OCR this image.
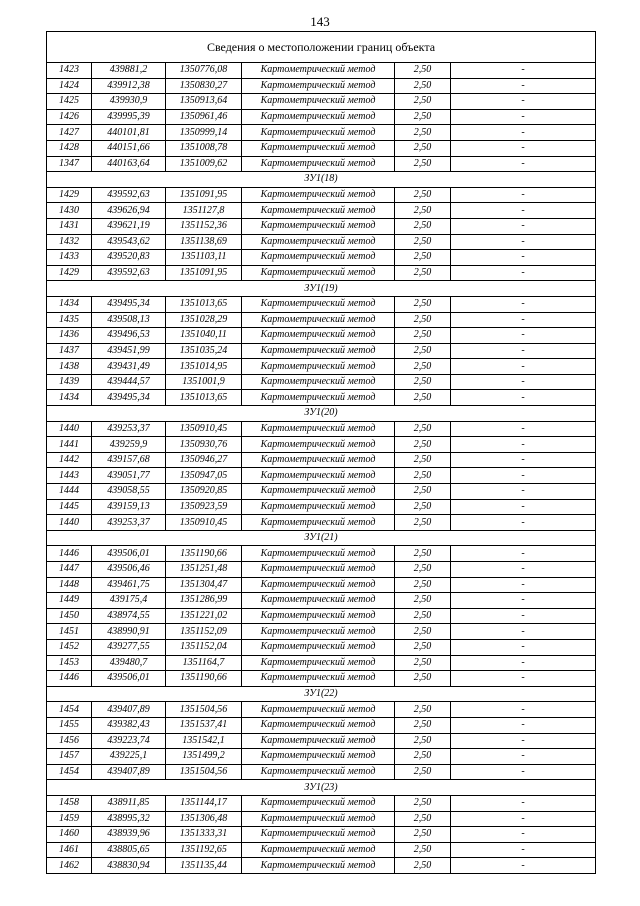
143
Сведения о местоположении границ объекта					
1423	439881,2	1350776,08	Картометрический метод	2,50	-
1424	439912,38	1350830,27	Картометрический метод	2,50	-
1425	439930,9	1350913,64	Картометрический метод	2,50	-
1426	439995,39	1350961,46	Картометрический метод	2,50	-
1427	440101,81	1350999,14	Картометрический метод	2,50	-
1428	440151,66	1351008,78	Картометрический метод	2,50	-
1347	440163,64	1351009,62	Картометрический метод	2,50	-
ЗУ1(18)					
1429	439592,63	1351091,95	Картометрический метод	2,50	-
1430	439626,94	1351127,8	Картометрический метод	2,50	-
1431	439621,19	1351152,36	Картометрический метод	2,50	-
1432	439543,62	1351138,69	Картометрический метод	2,50	-
1433	439520,83	1351103,11	Картометрический метод	2,50	-
1429	439592,63	1351091,95	Картометрический метод	2,50	-
ЗУ1(19)					
1434	439495,34	1351013,65	Картометрический метод	2,50	-
1435	439508,13	1351028,29	Картометрический метод	2,50	-
1436	439496,53	1351040,11	Картометрический метод	2,50	-
1437	439451,99	1351035,24	Картометрический метод	2,50	-
1438	439431,49	1351014,95	Картометрический метод	2,50	-
1439	439444,57	1351001,9	Картометрический метод	2,50	-
1434	439495,34	1351013,65	Картометрический метод	2,50	-
ЗУ1(20)					
1440	439253,37	1350910,45	Картометрический метод	2,50	-
1441	439259,9	1350930,76	Картометрический метод	2,50	-
1442	439157,68	1350946,27	Картометрический метод	2,50	-
1443	439051,77	1350947,05	Картометрический метод	2,50	-
1444	439058,55	1350920,85	Картометрический метод	2,50	-
1445	439159,13	1350923,59	Картометрический метод	2,50	-
1440	439253,37	1350910,45	Картометрический метод	2,50	-
ЗУ1(21)					
1446	439506,01	1351190,66	Картометрический метод	2,50	-
1447	439506,46	1351251,48	Картометрический метод	2,50	-
1448	439461,75	1351304,47	Картометрический метод	2,50	-
1449	439175,4	1351286,99	Картометрический метод	2,50	-
1450	438974,55	1351221,02	Картометрический метод	2,50	-
1451	438990,91	1351152,09	Картометрический метод	2,50	-
1452	439277,55	1351152,04	Картометрический метод	2,50	-
1453	439480,7	1351164,7	Картометрический метод	2,50	-
1446	439506,01	1351190,66	Картометрический метод	2,50	-
ЗУ1(22)					
1454	439407,89	1351504,56	Картометрический метод	2,50	-
1455	439382,43	1351537,41	Картометрический метод	2,50	-
1456	439223,74	1351542,1	Картометрический метод	2,50	-
1457	439225,1	1351499,2	Картометрический метод	2,50	-
1454	439407,89	1351504,56	Картометрический метод	2,50	-
ЗУ1(23)					
1458	438911,85	1351144,17	Картометрический метод	2,50	-
1459	438995,32	1351306,48	Картометрический метод	2,50	-
1460	438939,96	1351333,31	Картометрический метод	2,50	-
1461	438805,65	1351192,65	Картометрический метод	2,50	-
1462	438830,94	1351135,44	Картометрический метод	2,50	-
